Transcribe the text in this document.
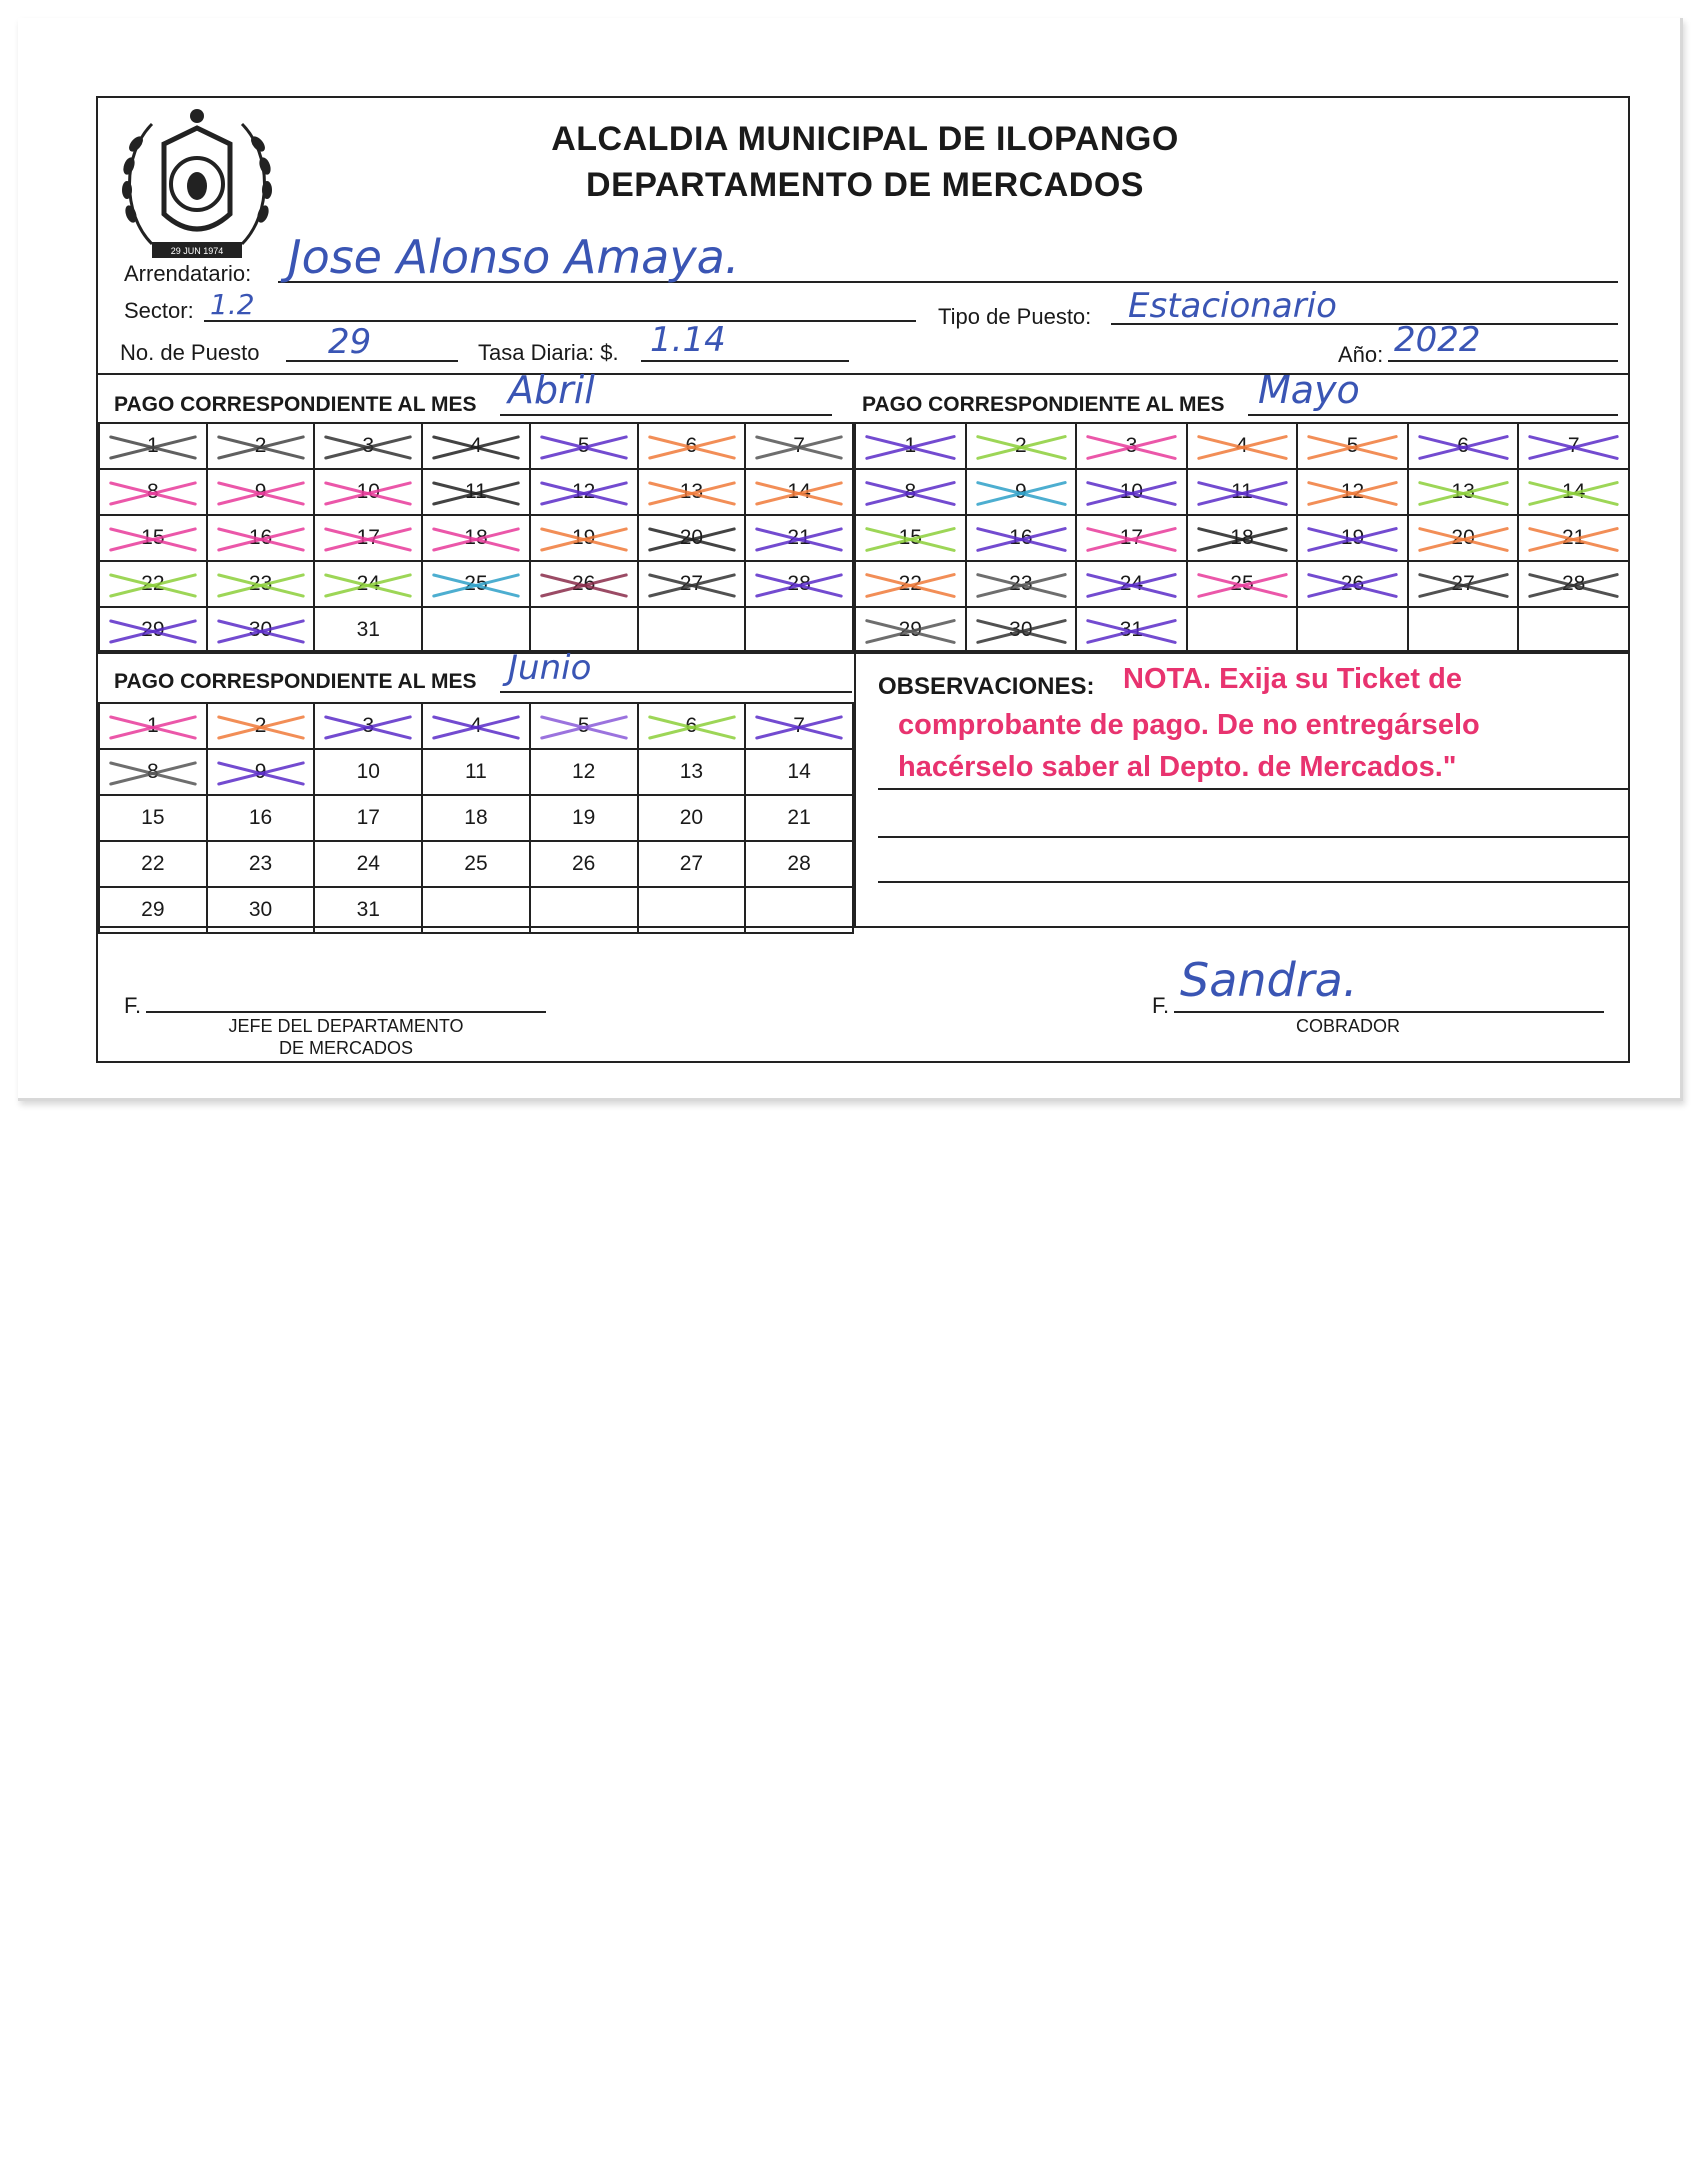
29 JUN 1974
ALCALDIA MUNICIPAL DE ILOPANGO
DEPARTAMENTO DE MERCADOS
Arrendatario: Jose Alonso Amaya.
Sector: 1.2	Tipo de Puesto: Estacionario
No. de Puesto 29	Tasa Diaria: $. 1.14	Año: 2022
PAGO CORRESPONDIENTE AL MES Abril	PAGO CORRESPONDIENTE AL MES Mayo
1	2	3	4	5	6	7

8	9	10	11	12	13	14

15	16	17	18	19	20	21

22	23	24	25	26	27	28

29	30	31				
1	2	3	4	5	6	7

8	9	10	11	12	13	14

15	16	17	18	19	20	21

22	23	24	25	26	27	28

29	30	31

PAGO CORRESPONDIENTE AL MES Junio
1	2	3	4	5	6	7

8	9	10	11	12	13	14
15	16	17	18	19	20	21
22	23	24	25	26	27	28
29	30	31				
OBSERVACIONES: NOTA. Exija su Ticket de
comprobante de pago. De no entregárselo
hacérselo saber al Depto. de Mercados."
F.
JEFE DEL DEPARTAMENTO
DE MERCADOS
F. Sandra.
COBRADOR
